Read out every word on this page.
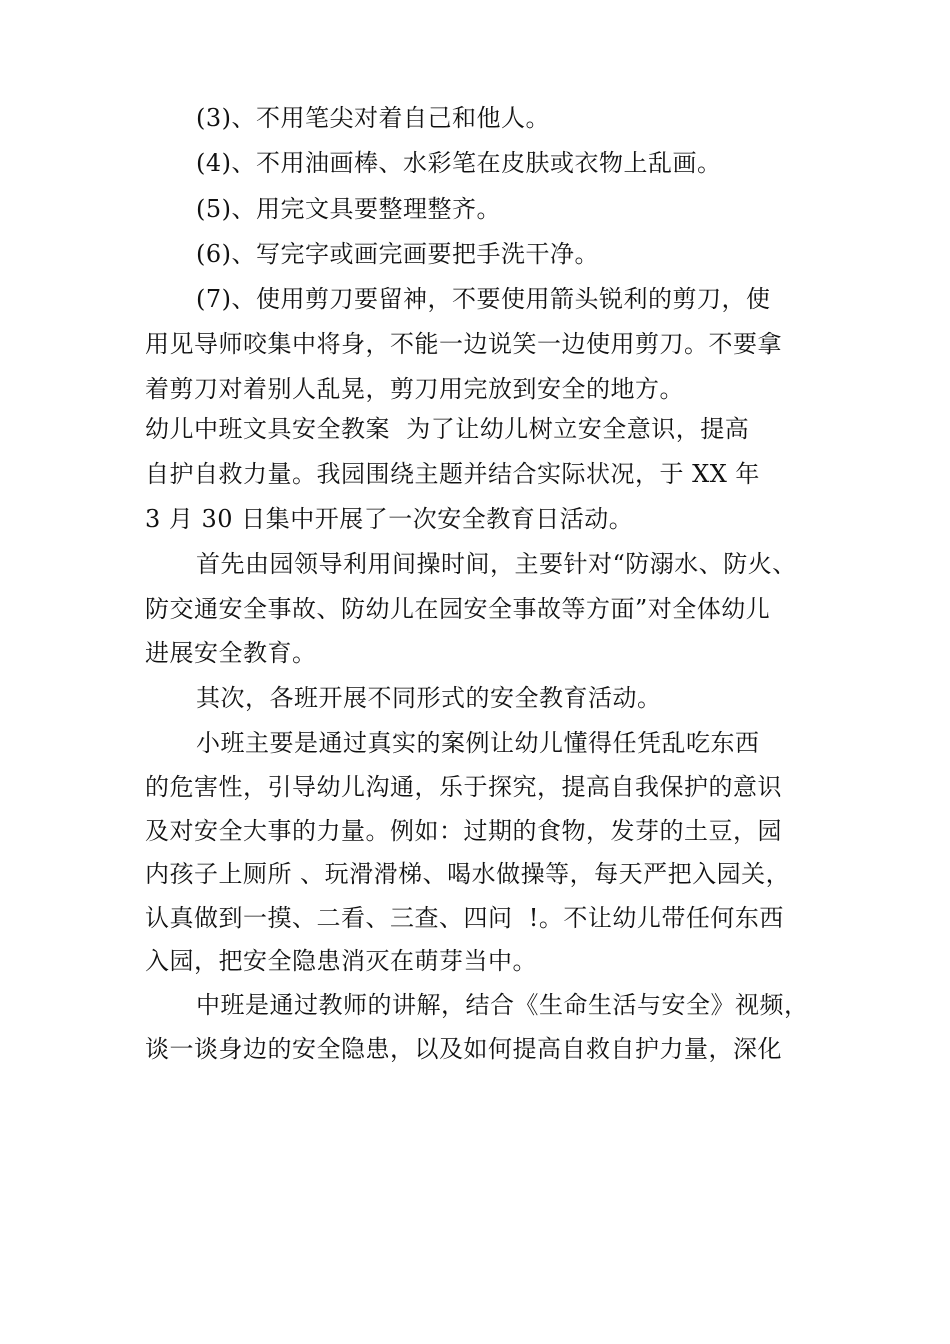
(3)、不用笔尖对着自己和他人。
(4)、不用油画棒、水彩笔在皮肤或衣物上乱画。
(5)、用完文具要整理整齐。
(6)、写完字或画完画要把手洗干净。
(7)、使用剪刀要留神，不要使用箭头锐利的剪刀，使
用见导师咬集中将身，不能一边说笑一边使用剪刀。不要拿
着剪刀对着别人乱晃，剪刀用完放到安全的地方。
幼儿中班文具安全教案  为了让幼儿树立安全意识，提高
自护自救力量。我园围绕主题并结合实际状况，于 XX 年
3 月 30 日集中开展了一次安全教育日活动。
首先由园领导利用间操时间，主要针对“防溺水、防火、
防交通安全事故、防幼儿在园安全事故等方面”对全体幼儿
进展安全教育。
其次，各班开展不同形式的安全教育活动。
小班主要是通过真实的案例让幼儿懂得任凭乱吃东西
的危害性，引导幼儿沟通，乐于探究，提高自我保护的意识
及对安全大事的力量。例如：过期的食物，发芽的土豆，园
内孩子上厕所 、玩滑滑梯、喝水做操等，每天严把入园关，
认真做到一摸、二看、三查、四问  !。不让幼儿带任何东西
入园，把安全隐患消灭在萌芽当中。
中班是通过教师的讲解，结合《生命生活与安全》视频，
谈一谈身边的安全隐患，以及如何提高自救自护力量，深化
